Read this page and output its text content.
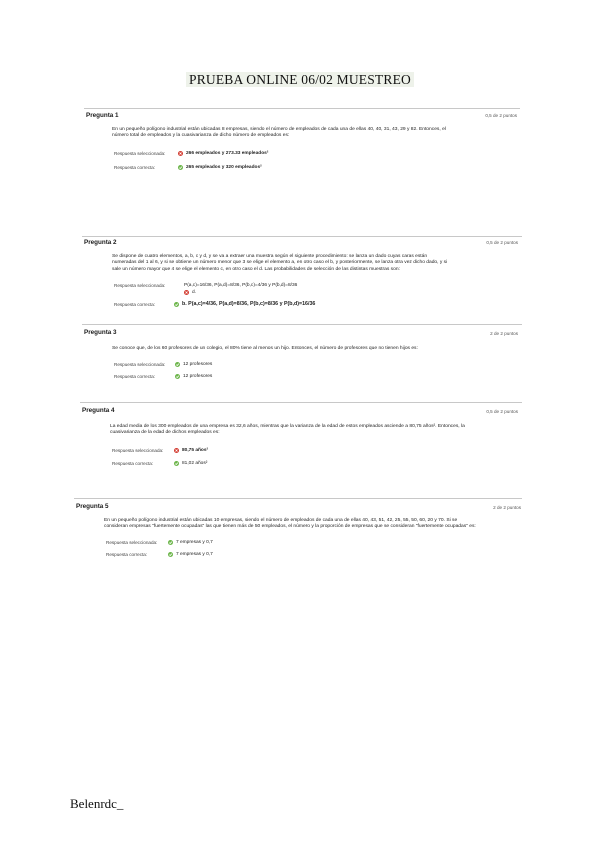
PRUEBA ONLINE 06/02 MUESTREO
Pregunta 1	0,5 de 2 puntos
En un pequeño polígono industrial están ubicadas 8 empresas, siendo el número de empleados de cada una de ellas 40, 40, 31, 43, 29 y 82. Entonces, el
número total de empleados y la cuasivarianza de dicho número de empleados es:
Respuesta seleccionada:	266 empleados y 273.33 empleados²
Respuesta correcta:	265 empleados y 320 empleados²
Pregunta 2	0,5 de 2 puntos
Se dispone de cuatro elementos, a, b, c y d, y se va a extraer una muestra según el siguiente procedimiento: se lanza un dado cuyas caras están
numeradas del 1 al 6, y si se obtiene un número menor que 3 se elige el elemento a, en otro caso el b, y posteriormente, se lanza otra vez dicho dado, y si
sale un número mayor que 4 se elige el elemento c, en otro caso el d. Las probabilidades de selección de las distintas muestras son:
Respuesta seleccionada:	P(a,c)=16/36, P(a,d)=8/36, P(b,c)=4/36 y P(b,d)=8/36
d.
Respuesta correcta:	b. P(a,c)=4/36, P(a,d)=8/36, P(b,c)=8/36 y P(b,d)=16/36
Pregunta 3	2 de 2 puntos
Se conoce que, de los 60 profesores de un colegio, el 80% tiene al menos un hijo. Entonces, el número de profesores que no tienen hijos es:
Respuesta seleccionada:	12 profesores
Respuesta correcta:	12 profesores
Pregunta 4	0,5 de 2 puntos
La edad media de los 300 empleados de una empresa es 32,6 años, mientras que la varianza de la edad de estos empleados asciende a 80,75 años². Entonces, la
cuasivarianza de la edad de dichos empleados es:
Respuesta seleccionada:	80,75 años²
Respuesta correcta:	81,02 años²
Pregunta 5	2 de 2 puntos
En un pequeño polígono industrial están ubicadas 10 empresas, siendo el número de empleados de cada una de ellas 40, 43, 51, 42, 25, 55, 50, 60, 20 y 70. Si se
consideran empresas "fuertemente ocupadas" las que tienen más de 50 empleados, el número y la proporción de empresas que se consideran "fuertemente ocupadas" es:
Respuesta seleccionada:	7 empresas y 0,7
Respuesta correcta:	7 empresas y 0,7
Belenrdc_
